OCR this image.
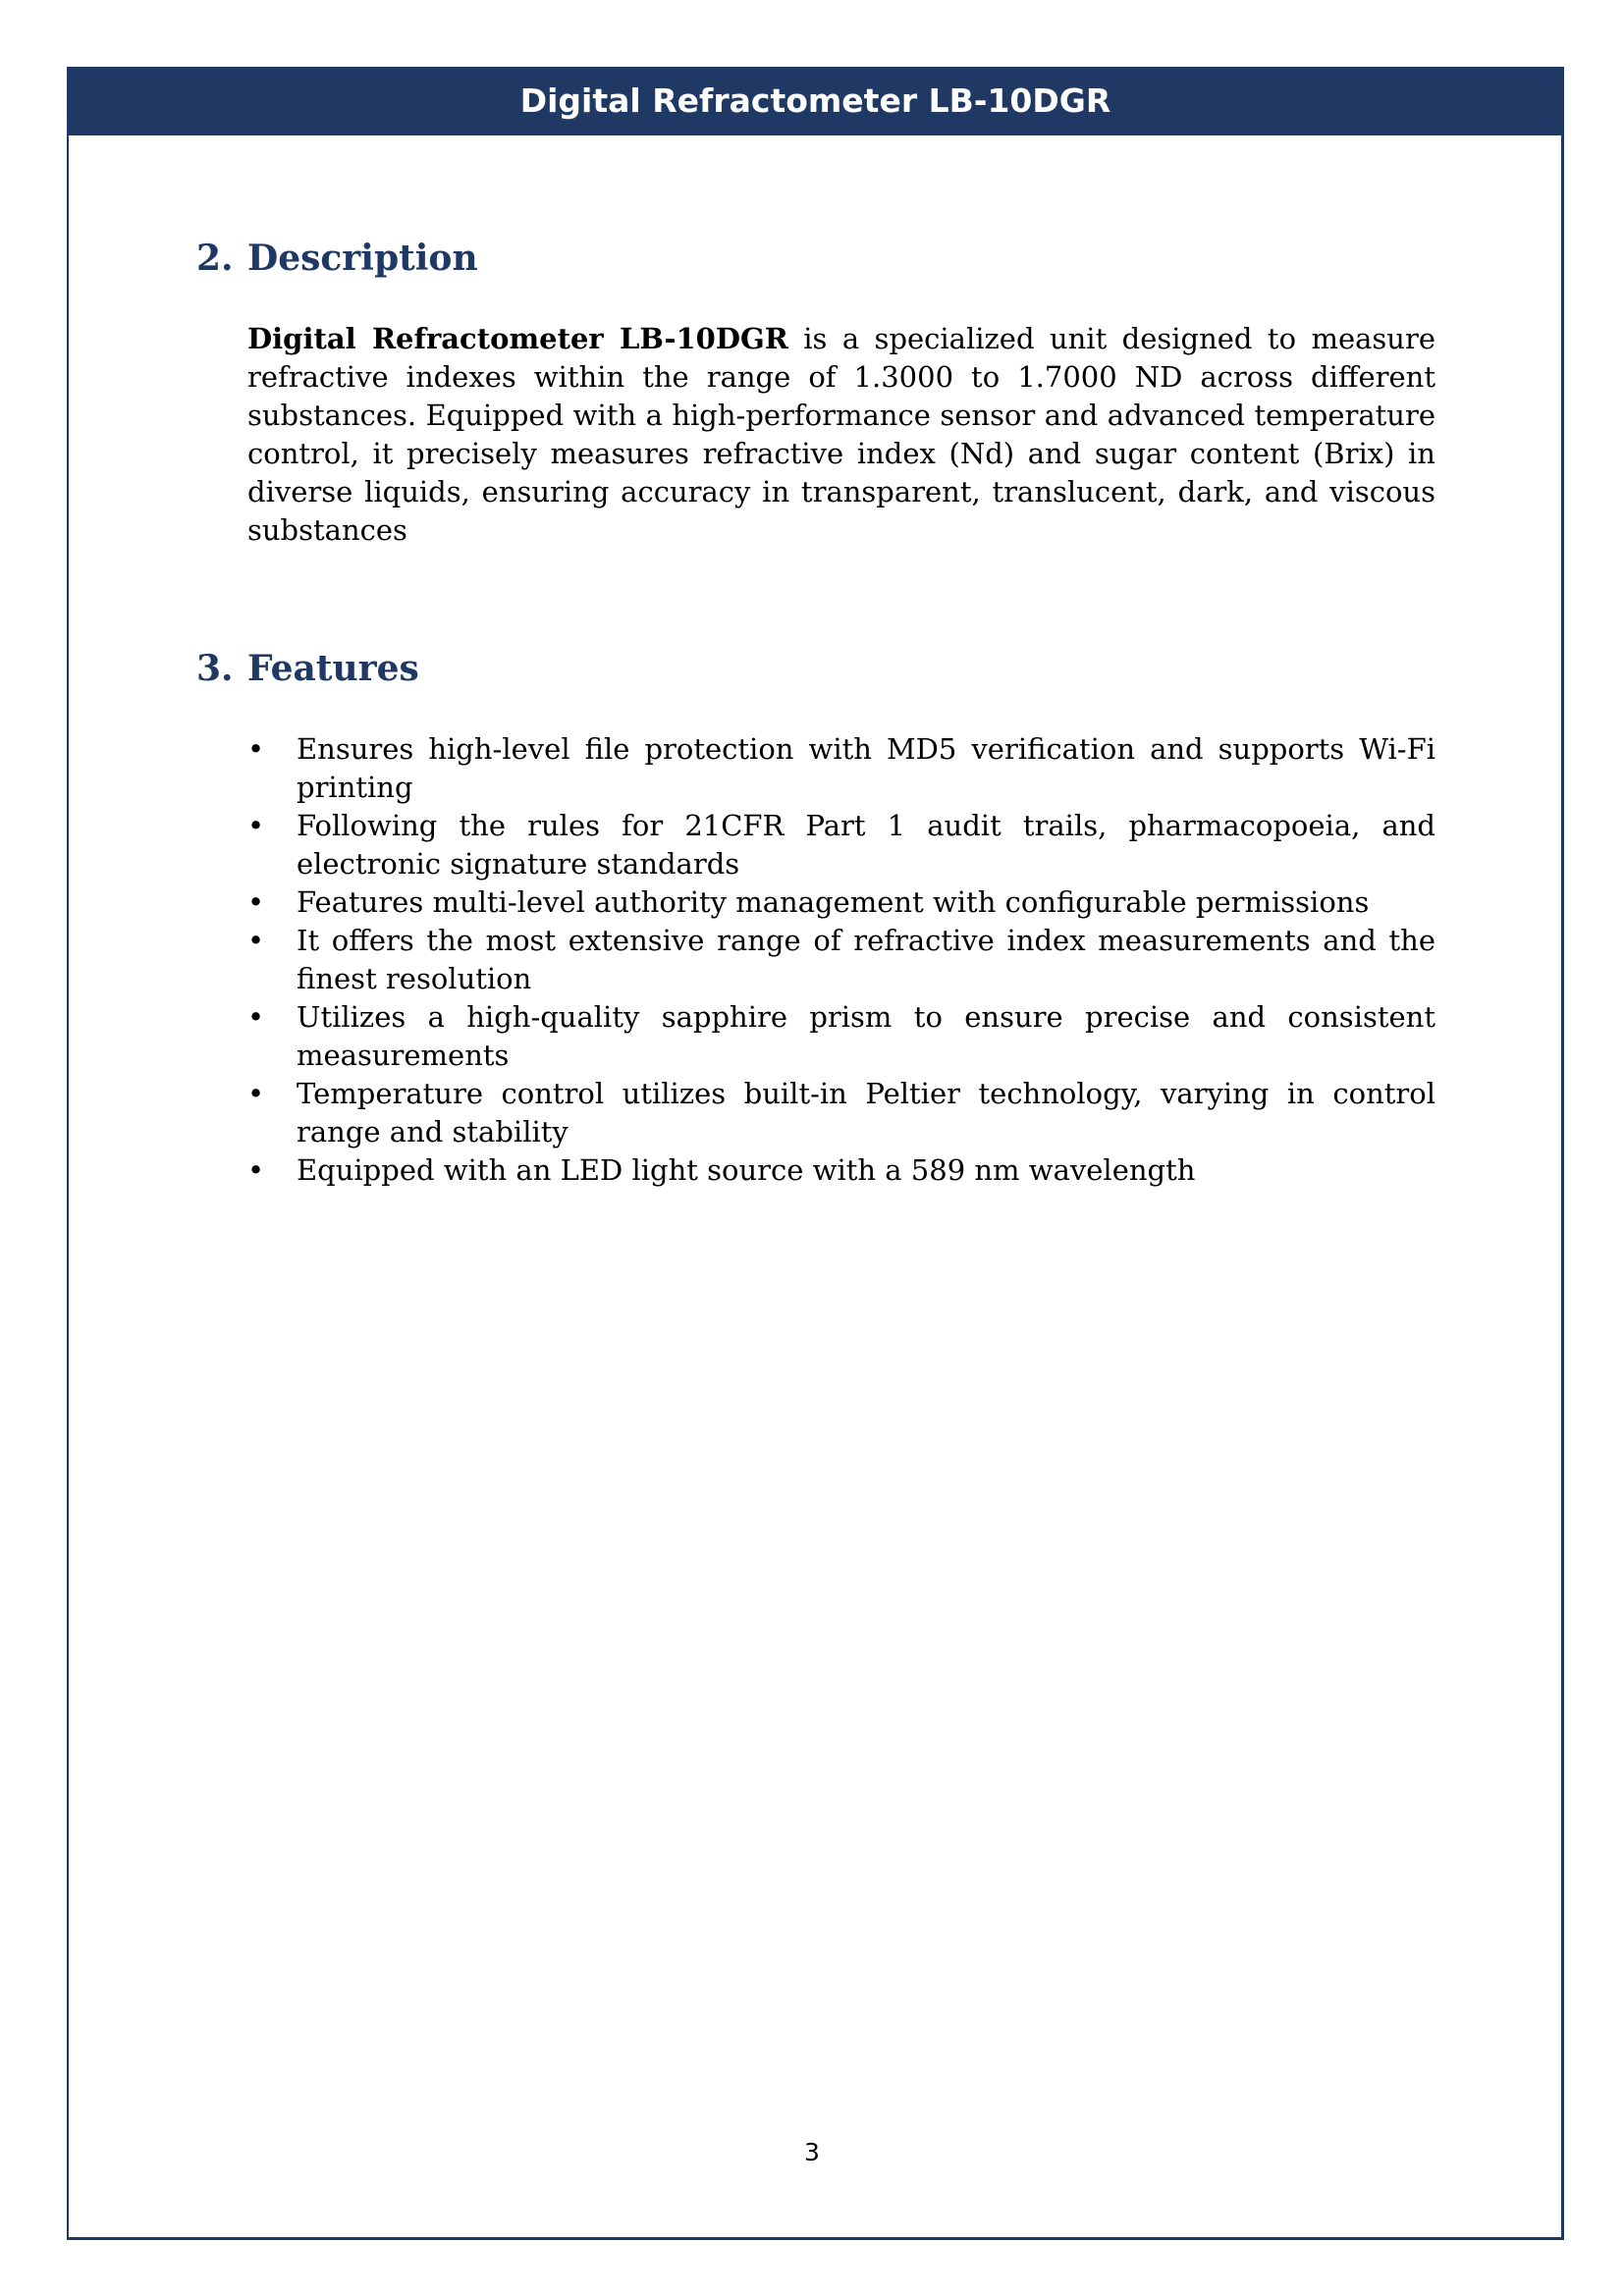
Digital Refractometer LB-10DGR
2. Description

Digital Refractometer LB-10DGR is a specialized unit designed to measure refractive indexes within the range of 1.3000 to 1.7000 ND across different substances. Equipped with a high-performance sensor and advanced temperature control, it precisely measures refractive index (Nd) and sugar content (Brix) in diverse liquids, ensuring accuracy in transparent, translucent, dark, and viscous substances

3. Features
• Ensures high-level file protection with MD5 verification and supports Wi-Fi printing
• Following the rules for 21CFR Part 1 audit trails, pharmacopoeia, and electronic signature standards
• Features multi-level authority management with configurable permissions
• It offers the most extensive range of refractive index measurements and the finest resolution
• Utilizes a high-quality sapphire prism to ensure precise and consistent measurements
• Temperature control utilizes built-in Peltier technology, varying in control range and stability
• Equipped with an LED light source with a 589 nm wavelength
3
